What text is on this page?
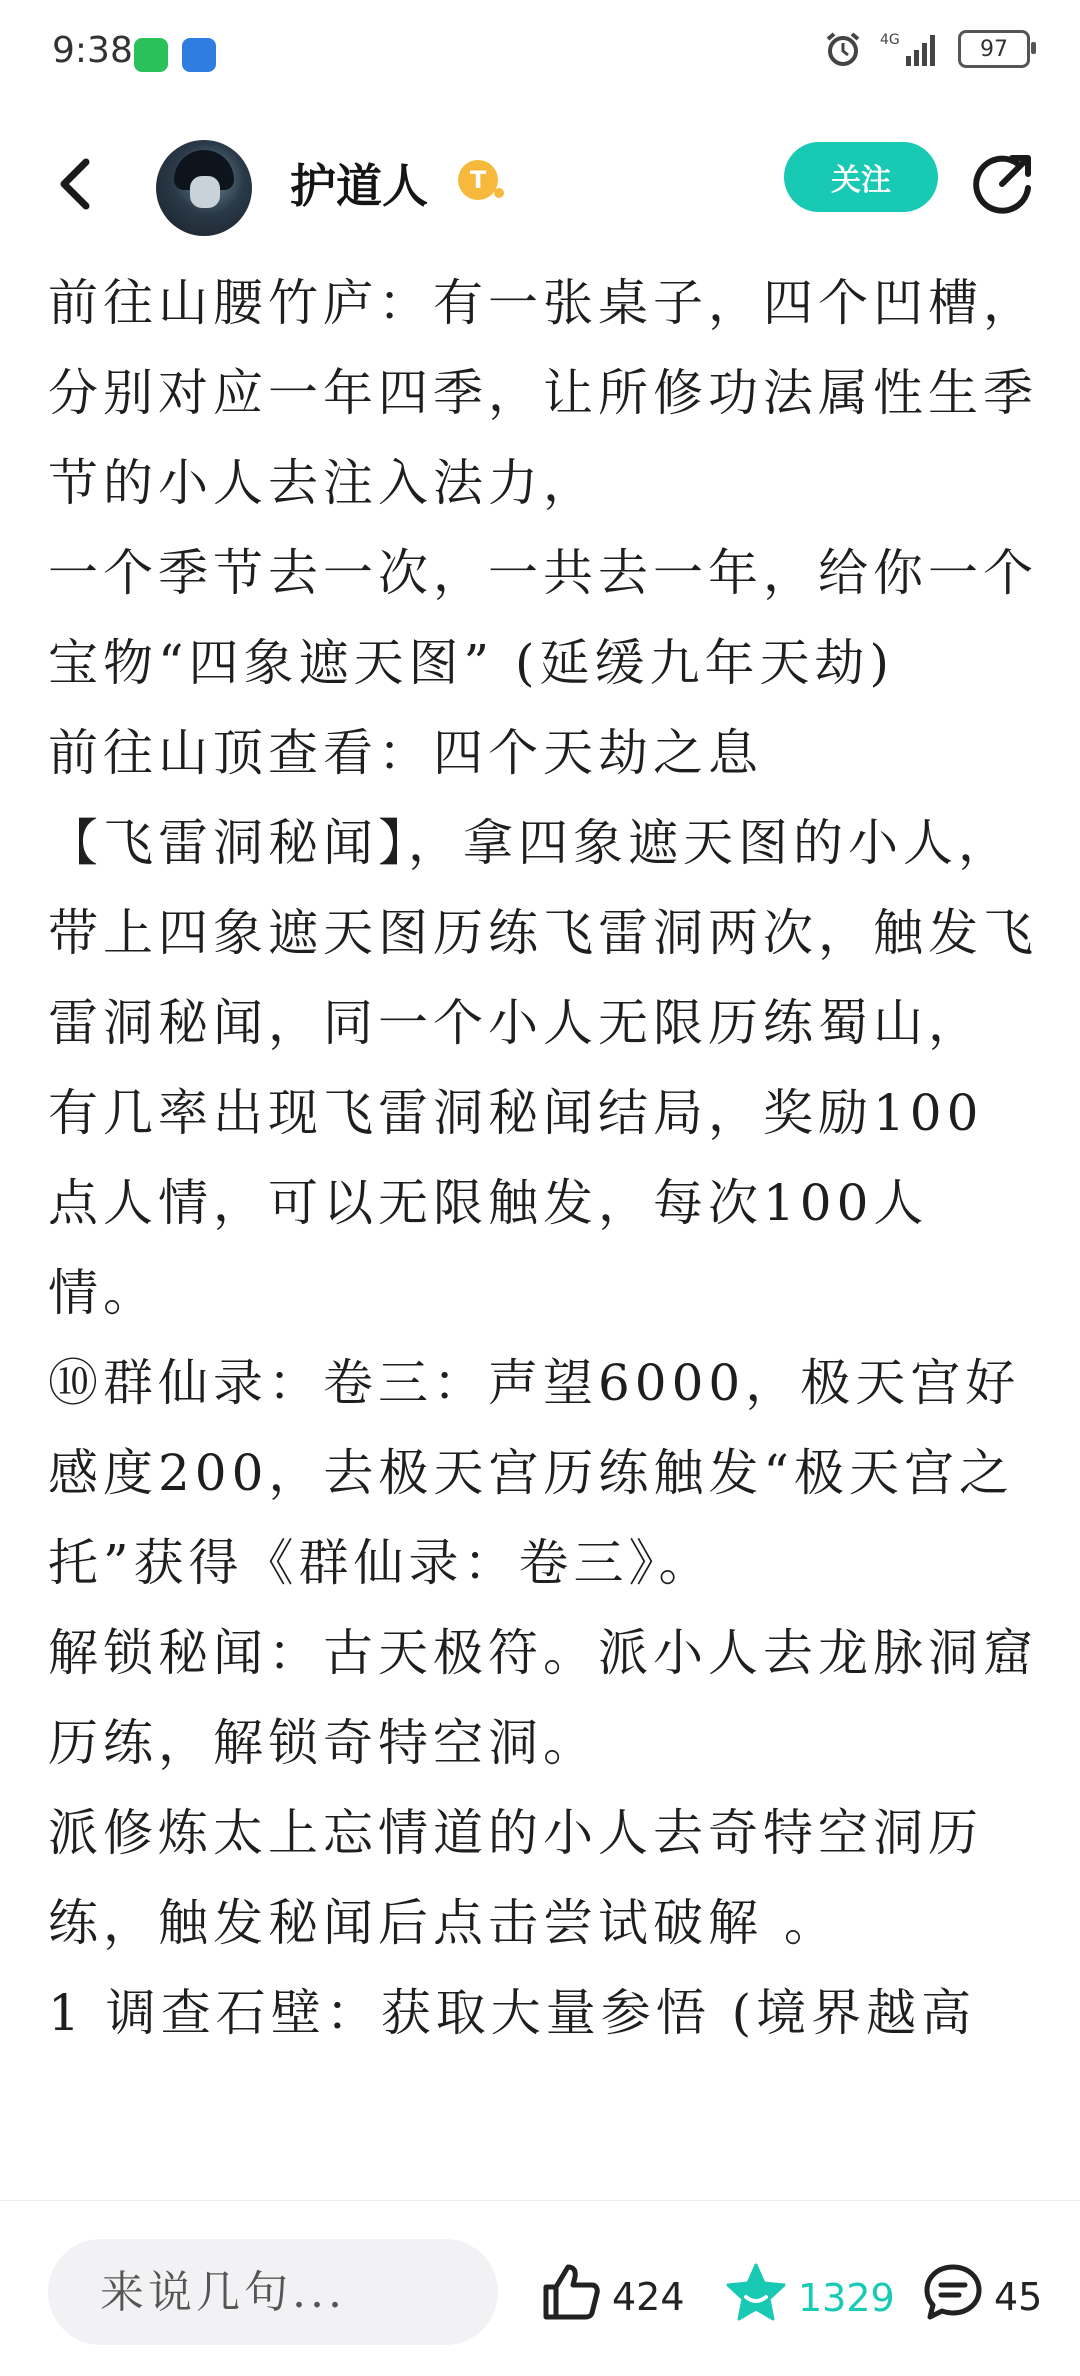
9:38	4G	97
护道人	T	关注

前往山腰竹庐：有一张桌子，四个凹槽，分别对应一年四季，让所修功法属性生季节的小人去注入法力，

一个季节去一次，一共去一年，给你一个宝物“四象遮天图” (延缓九年天劫)

前往山顶查看：四个天劫之息

【飞雷洞秘闻】，拿四象遮天图的小人，带上四象遮天图历练飞雷洞两次，触发飞雷洞秘闻，同一个小人无限历练蜀山，

有几率出现飞雷洞秘闻结局，奖励100点人情，可以无限触发，每次100人情。

⑩群仙录：卷三：声望6000，极天宫好感度200，去极天宫历练触发“极天宫之托”获得《群仙录：卷三》。

解锁秘闻：古天极符。派小人去龙脉洞窟历练，解锁奇特空洞。

派修炼太上忘情道的小人去奇特空洞历练，触发秘闻后点击尝试破解 。

1 调查石壁：获取大量参悟 (境界越高

来说几句...
424	1329	45
